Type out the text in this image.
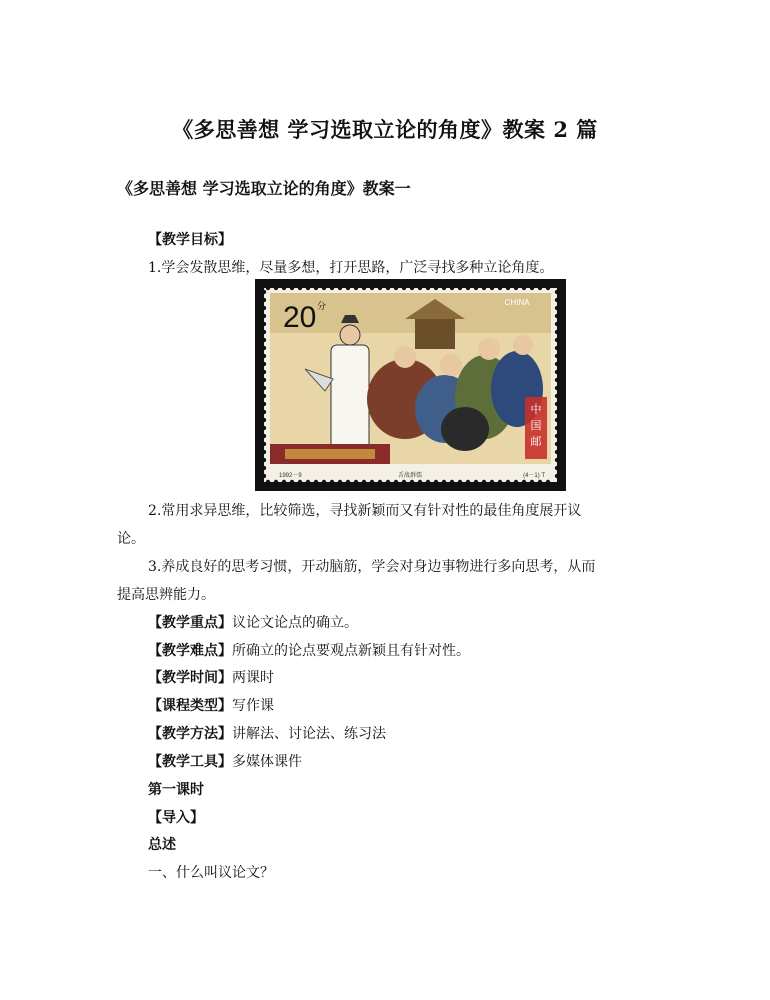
《多思善想 学习选取立论的角度》教案 2 篇
《多思善想 学习选取立论的角度》教案一
【教学目标】
1.学会发散思维，尽量多想，打开思路，广泛寻找多种立论角度。
中
国
邮
20 分	CHINA
1992－9	舌战群儒	(4－1) T
2.常用求异思维，比较筛选，寻找新颖而又有针对性的最佳角度展开议
论。
3.养成良好的思考习惯，开动脑筋，学会对身边事物进行多向思考，从而
提高思辨能力。
【教学重点】议论文论点的确立。
【教学难点】所确立的论点要观点新颖且有针对性。
【教学时间】两课时
【课程类型】写作课
【教学方法】讲解法、讨论法、练习法
【教学工具】多媒体课件
第一课时
【导入】
总述
一、什么叫议论文？
